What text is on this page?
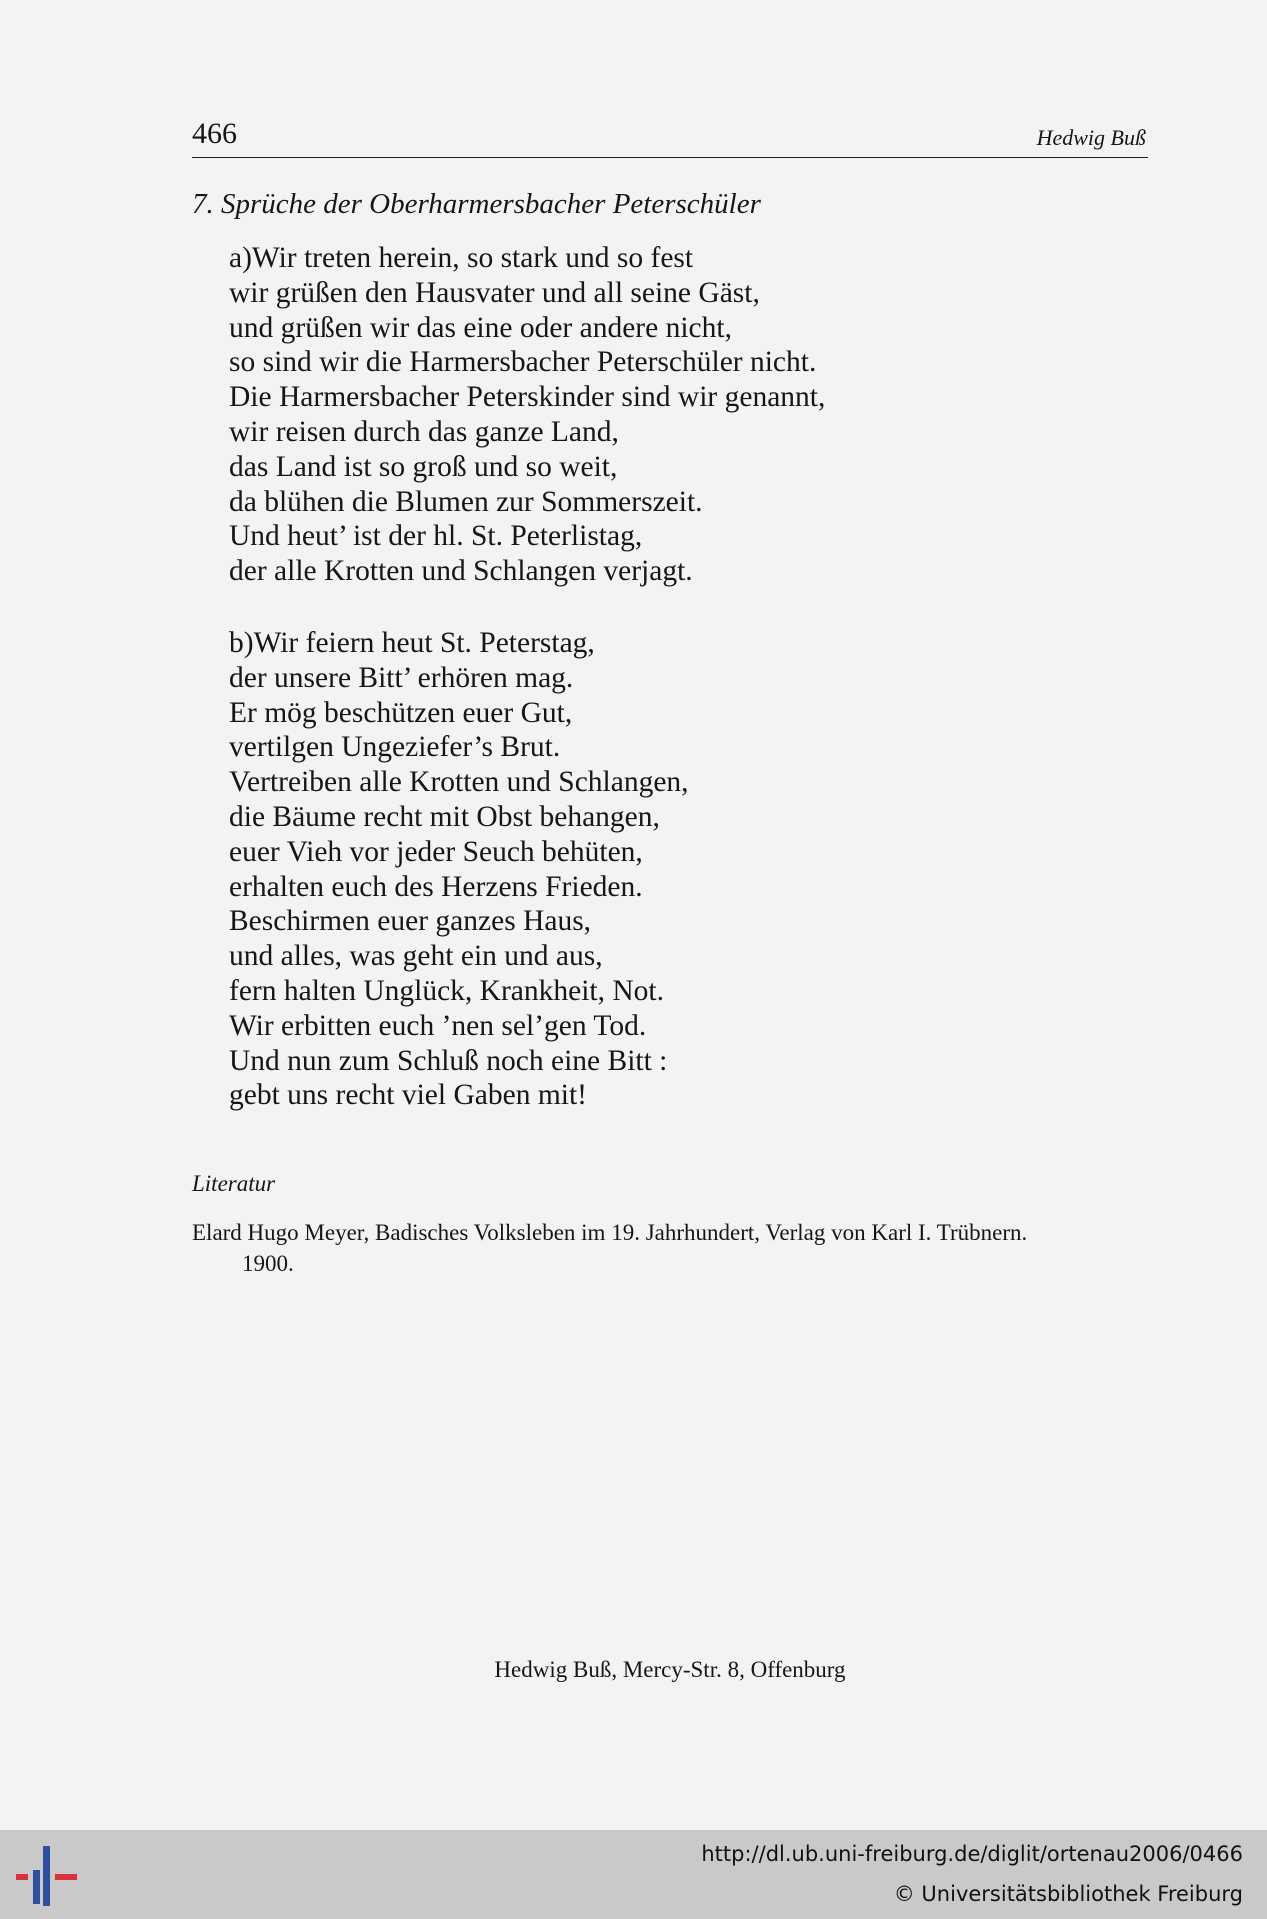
466	Hedwig Buß
7. Sprüche der Oberharmersbacher Peterschüler
a)Wir treten herein, so stark und so fest
wir grüßen den Hausvater und all seine Gäst,
und grüßen wir das eine oder andere nicht,
so sind wir die Harmersbacher Peterschüler nicht.
Die Harmersbacher Peterskinder sind wir genannt,
wir reisen durch das ganze Land,
das Land ist so groß und so weit,
da blühen die Blumen zur Sommerszeit.
Und heut’ ist der hl. St. Peterlistag,
der alle Krotten und Schlangen verjagt.
b)Wir feiern heut St. Peterstag,
der unsere Bitt’ erhören mag.
Er mög beschützen euer Gut,
vertilgen Ungeziefer’s Brut.
Vertreiben alle Krotten und Schlangen,
die Bäume recht mit Obst behangen,
euer Vieh vor jeder Seuch behüten,
erhalten euch des Herzens Frieden.
Beschirmen euer ganzes Haus,
und alles, was geht ein und aus,
fern halten Unglück, Krankheit, Not.
Wir erbitten euch ’nen sel’gen Tod.
Und nun zum Schluß noch eine Bitt :
gebt uns recht viel Gaben mit!
Literatur
Elard Hugo Meyer, Badisches Volksleben im 19. Jahrhundert, Verlag von Karl I. Trübnern.
1900.
Hedwig Buß, Mercy-Str. 8, Offenburg
http://dl.ub.uni-freiburg.de/diglit/ortenau2006/0466
© Universitätsbibliothek Freiburg
